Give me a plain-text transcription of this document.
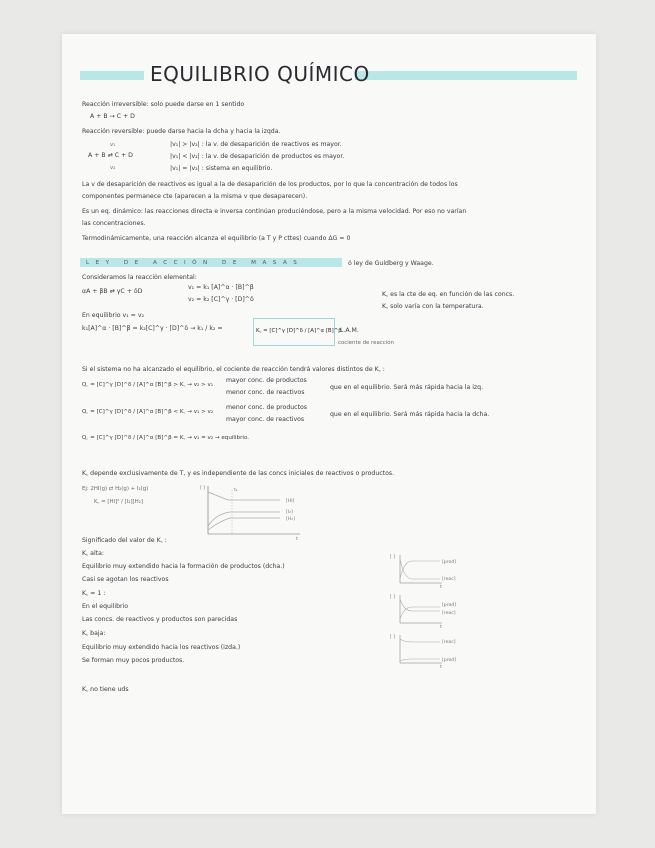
EQUILIBRIO QUÍMICO
Reacción irreversible: solo puede darse en 1 sentido
A + B → C + D
Reacción reversible: puede darse hacia la dcha y hacia la izqda.
v₁
A + B ⇄ C + D
v₂
|v₁| > |v₂| : la v. de desaparición de reactivos es mayor.
|v₁| < |v₂| : la v. de desaparición de productos es mayor.
|v₁| = |v₂| : sistema en equilibrio.
La v de desaparición de reactivos es igual a la de desaparición de los productos, por lo que la concentración de todos los
componentes permanece cte (aparecen a la misma v que desaparecen).
Es un eq. dinámico: las reacciones directa e inversa continúan produciéndose, pero a la misma velocidad. Por eso no varían
las concentraciones.
Termodinámicamente, una reacción alcanza el equilibrio (a T y P cttes) cuando ΔG = 0
LEY DE ACCIÓN DE MASAS	ó ley de Guldberg y Waage.
Consideramos la reacción elemental:
αA + βB ⇄ γC + δD
v₁ = k₁ [A]^α · [B]^β
v₂ = k₂ [C]^γ · [D]^δ
K꜀ es la cte de eq. en función de las concs.
K꜀ solo varía con la temperatura.
En equilibrio v₁ = v₂
k₁[A]^α · [B]^β = k₂[C]^γ · [D]^δ → k₁ / k₂ =	K꜀ = [C]^γ [D]^δ / [A]^α [B]^β
L.A.M.
cociente de reacción
Si el sistema no ha alcanzado el equilibrio, el cociente de reacción tendrá valores distintos de K꜀ :
Q꜀ = [C]^γ [D]^δ / [A]^α [B]^β > K꜀ → v₂ > v₁
mayor conc. de productos
menor conc. de reactivos
que en el equilibrio. Será más rápida hacia la izq.
Q꜀ = [C]^γ [D]^δ / [A]^α [B]^β < K꜀ → v₁ > v₂
menor conc. de productos
mayor conc. de reactivos
que en el equilibrio. Será más rápida hacia la dcha.
Q꜀ = [C]^γ [D]^δ / [A]^α [B]^β = K꜀ → v₁ = v₂ → equilibrio.
K꜀ depende exclusivamente de T, y es independiente de las concs iniciales de reactivos o productos.
Ej: 2HI(g) ⇄ H₂(g) + I₂(g)
K꜀ = [HI]² / [I₂][H₂]
[ ]	t₁
[HI]
[I₂]
[H₂]
t
Significado del valor de K꜀ :
K꜀ alta:
Equilibrio muy extendido hacia la formación de productos (dcha.)
Casi se agotan los reactivos
K꜀ ≈ 1 :
En el equilibrio
Las concs. de reactivos y productos son parecidas
K꜀ baja:
Equilibrio muy extendido hacia los reactivos (izda.)
Se forman muy pocos productos.
K꜀ no tiene uds
[ ]
[prod]
[reac]
t
[ ]
[prod]
[reac]
t
[ ]
[reac]
[prod]
t
